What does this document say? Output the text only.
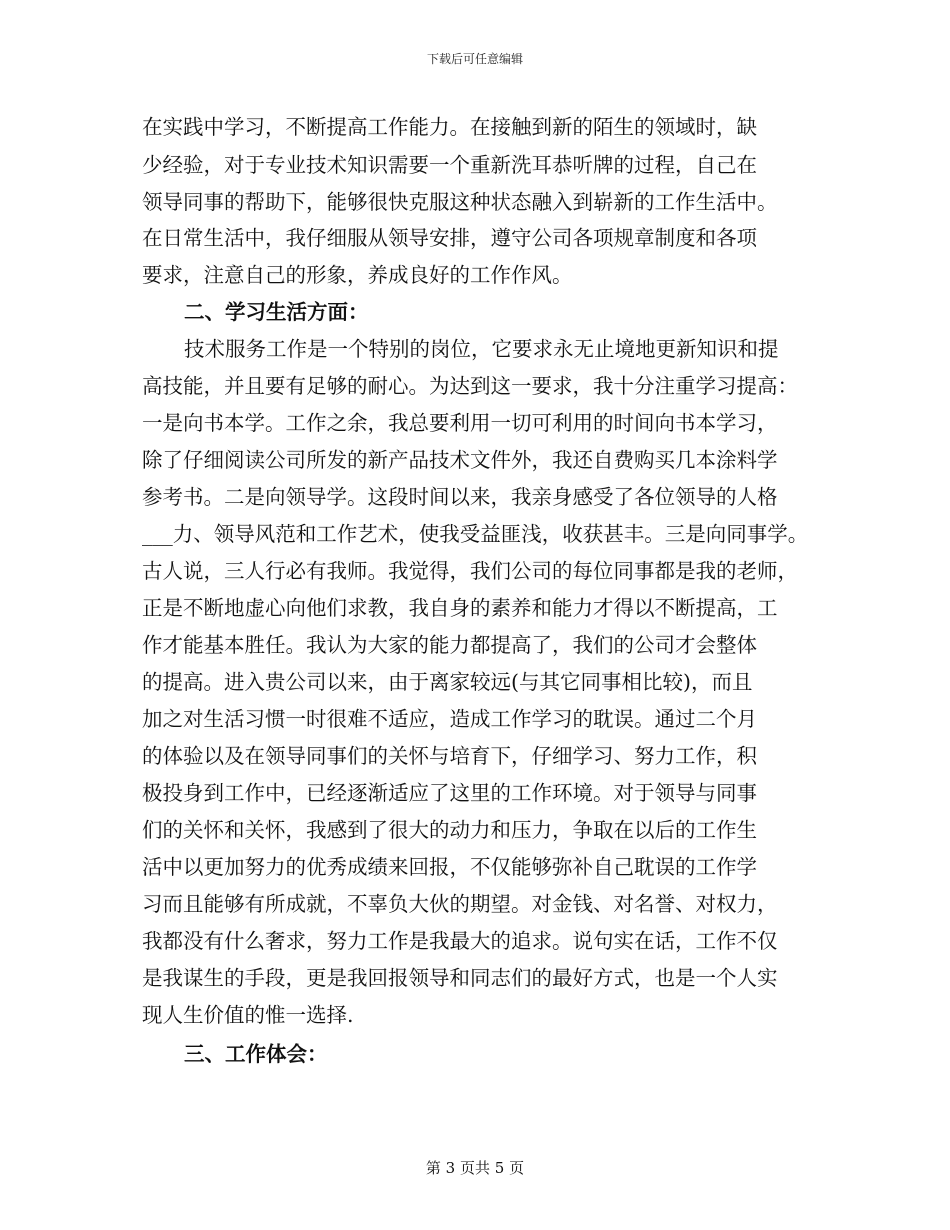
下载后可任意编辑
在实践中学习，不断提高工作能力。在接触到新的陌生的领域时，缺
少经验，对于专业技术知识需要一个重新洗耳恭听牌的过程，自己在
领导同事的帮助下，能够很快克服这种状态融入到崭新的工作生活中。
在日常生活中，我仔细服从领导安排，遵守公司各项规章制度和各项
要求，注意自己的形象，养成良好的工作作风。
二、学习生活方面：
技术服务工作是一个特别的岗位，它要求永无止境地更新知识和提
高技能，并且要有足够的耐心。为达到这一要求，我十分注重学习提高：
一是向书本学。工作之余，我总要利用一切可利用的时间向书本学习，
除了仔细阅读公司所发的新产品技术文件外，我还自费购买几本涂料学
参考书。二是向领导学。这段时间以来，我亲身感受了各位领导的人格
___力、领导风范和工作艺术，使我受益匪浅，收获甚丰。三是向同事学。
古人说，三人行必有我师。我觉得，我们公司的每位同事都是我的老师，
正是不断地虚心向他们求教，我自身的素养和能力才得以不断提高，工
作才能基本胜任。我认为大家的能力都提高了，我们的公司才会整体
的提高。进入贵公司以来，由于离家较远(与其它同事相比较)，而且
加之对生活习惯一时很难不适应，造成工作学习的耽误。通过二个月
的体验以及在领导同事们的关怀与培育下，仔细学习、努力工作，积
极投身到工作中，已经逐渐适应了这里的工作环境。对于领导与同事
们的关怀和关怀，我感到了很大的动力和压力，争取在以后的工作生
活中以更加努力的优秀成绩来回报，不仅能够弥补自己耽误的工作学
习而且能够有所成就，不辜负大伙的期望。对金钱、对名誉、对权力，
我都没有什么奢求，努力工作是我最大的追求。说句实在话，工作不仅
是我谋生的手段，更是我回报领导和同志们的最好方式，也是一个人实
现人生价值的惟一选择.
三、工作体会：
第 3 页共 5 页
